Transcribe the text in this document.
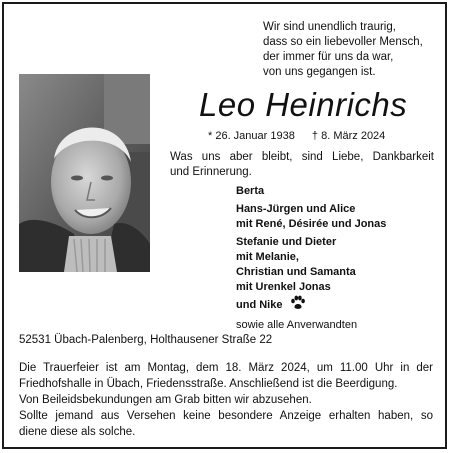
Wir sind unendlich traurig,
dass so ein liebevoller Mensch,
der immer für uns da war,
von uns gegangen ist.
Leo Heinrichs
* 26. Januar 1938 † 8. März 2024
Was uns aber bleibt, sind Liebe, Dankbarkeit
und Erinnerung.
Berta
Hans-Jürgen und Alice
mit René, Désirée und Jonas
Stefanie und Dieter
mit Melanie,
Christian und Samanta
mit Urenkel Jonas
und Nike
sowie alle Anverwandten
52531 Übach-Palenberg, Holthausener Straße 22
Die Trauerfeier ist am Montag, dem 18. März 2024, um 11.00 Uhr in der
Friedhofshalle in Übach, Friedensstraße. Anschließend ist die Beerdigung.
Von Beileidsbekundungen am Grab bitten wir abzusehen.
Sollte jemand aus Versehen keine besondere Anzeige erhalten haben, so
diene diese als solche.
